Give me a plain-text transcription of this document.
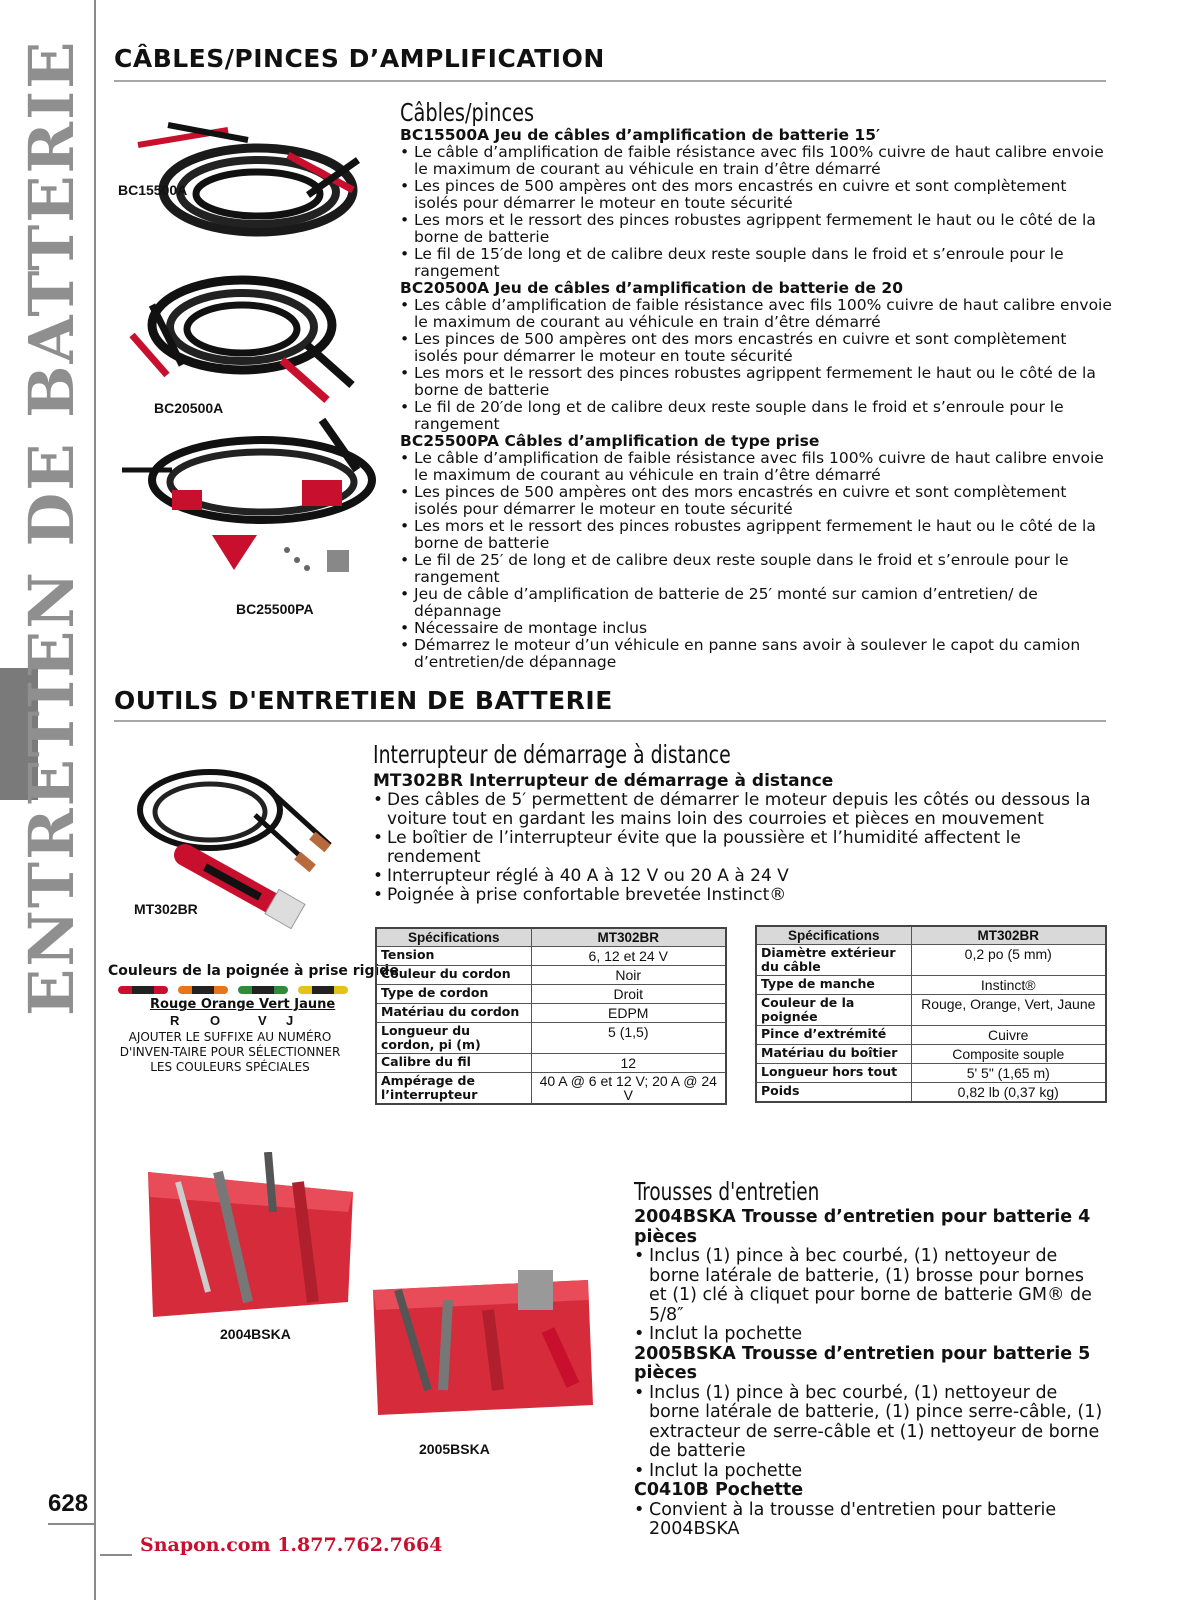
ENTRETIEN DE BATTERIE
628
Snapon.com 1.877.762.7664
CÂBLES/PINCES D’AMPLIFICATION
BC15500A
BC20500A
BC25500PA
Câbles/pinces
BC15500A Jeu de câbles d’amplification de batterie 15′
• Le câble d’amplification de faible résistance avec fils 100% cuivre de haut calibre envoie le maximum de courant au véhicule en train d’être démarré
• Les pinces de 500 ampères ont des mors encastrés en cuivre et sont complètement isolés pour démarrer le moteur en toute sécurité
• Les mors et le ressort des pinces robustes agrippent fermement le haut ou le côté de la borne de batterie
• Le fil de 15′de long et de calibre deux reste souple dans le froid et s’enroule pour le rangement
BC20500A Jeu de câbles d’amplification de batterie de 20
• Les câble d’amplification de faible résistance avec fils 100% cuivre de haut calibre envoie le maximum de courant au véhicule en train d’être démarré
• Les pinces de 500 ampères ont des mors encastrés en cuivre et sont complètement isolés pour démarrer le moteur en toute sécurité
• Les mors et le ressort des pinces robustes agrippent fermement le haut ou le côté de la borne de batterie
• Le fil de 20′de long et de calibre deux reste souple dans le froid et s’enroule pour le rangement
BC25500PA Câbles d’amplification de type prise
• Le câble d’amplification de faible résistance avec fils 100% cuivre de haut calibre envoie le maximum de courant au véhicule en train d’être démarré
• Les pinces de 500 ampères ont des mors encastrés en cuivre et sont complètement isolés pour démarrer le moteur en toute sécurité
• Les mors et le ressort des pinces robustes agrippent fermement le haut ou le côté de la borne de batterie
• Le fil de 25′ de long et de calibre deux reste souple dans le froid et s’enroule pour le rangement
• Jeu de câble d’amplification de batterie de 25′ monté sur camion d’entretien/ de dépannage
• Nécessaire de montage inclus
• Démarrez le moteur d’un véhicule en panne sans avoir à soulever le capot du camion d’entretien/de dépannage
OUTILS D'ENTRETIEN DE BATTERIE
MT302BR
Couleurs de la poignée à prise rigide
Rouge Orange Vert Jaune
R O	V J
AJOUTER LE SUFFIXE AU NUMÉRO D'INVEN-TAIRE POUR SÉLECTIONNER LES COULEURS SPÉCIALES
Interrupteur de démarrage à distance
MT302BR Interrupteur de démarrage à distance
• Des câbles de 5′ permettent de démarrer le moteur depuis les côtés ou dessous la voiture tout en gardant les mains loin des courroies et pièces en mouvement
• Le boîtier de l’interrupteur évite que la poussière et l’humidité affectent le rendement
• Interrupteur réglé à 40 A à 12 V ou 20 A à 24 V
• Poignée à prise confortable brevetée Instinct®
Spécifications	MT302BR
Tension	6, 12 et 24 V
Couleur du cordon	Noir
Type de cordon	Droit
Matériau du cordon	EDPM
Longueur du cordon, pi (m)	5 (1,5)
Calibre du fil	12
Ampérage de l’interrupteur	40 A @ 6 et 12 V; 20 A @ 24 V
Spécifications	MT302BR
Diamètre extérieur du câble	0,2 po (5 mm)
Type de manche	Instinct®
Couleur de la poignée	Rouge, Orange, Vert, Jaune
Pince d’extrémité	Cuivre
Matériau du boîtier	Composite souple
Longueur hors tout	5' 5" (1,65 m)
Poids	0,82 lb (0,37 kg)
2004BSKA
2005BSKA
Trousses d'entretien
2004BSKA Trousse d’entretien pour batterie 4 pièces
• Inclus (1) pince à bec courbé, (1) nettoyeur de borne latérale de batterie, (1) brosse pour bornes et (1) clé à cliquet pour borne de batterie GM® de 5/8″
• Inclut la pochette
2005BSKA Trousse d’entretien pour batterie 5 pièces
• Inclus (1) pince à bec courbé, (1) nettoyeur de borne latérale de batterie, (1) pince serre-câble, (1) extracteur de serre-câble et (1) nettoyeur de borne de batterie
• Inclut la pochette
C0410B Pochette
• Convient à la trousse d'entretien pour batterie 2004BSKA
